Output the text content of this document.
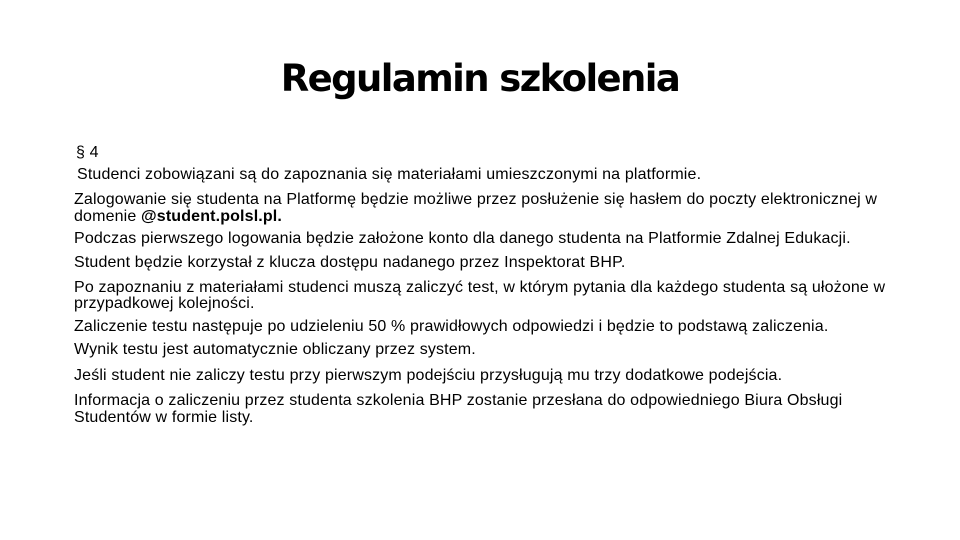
Regulamin szkolenia
§ 4
Studenci zobowiązani są do zapoznania się materiałami umieszczonymi na platformie.
Zalogowanie się studenta na Platformę będzie możliwe przez posłużenie się hasłem do poczty elektronicznej w domenie @student.polsl.pl.
Podczas pierwszego logowania będzie założone konto dla danego studenta na Platformie Zdalnej Edukacji.
Student będzie korzystał z klucza dostępu nadanego przez Inspektorat BHP.
Po zapoznaniu z materiałami studenci muszą zaliczyć test, w którym pytania dla każdego studenta są ułożone w przypadkowej kolejności.
Zaliczenie testu następuje po udzieleniu 50 % prawidłowych odpowiedzi i będzie to podstawą zaliczenia.
Wynik testu jest automatycznie obliczany przez system.
Jeśli student nie zaliczy testu przy pierwszym podejściu przysługują mu trzy dodatkowe podejścia.
Informacja o zaliczeniu przez studenta szkolenia BHP zostanie przesłana do odpowiedniego Biura Obsługi Studentów w formie listy.
